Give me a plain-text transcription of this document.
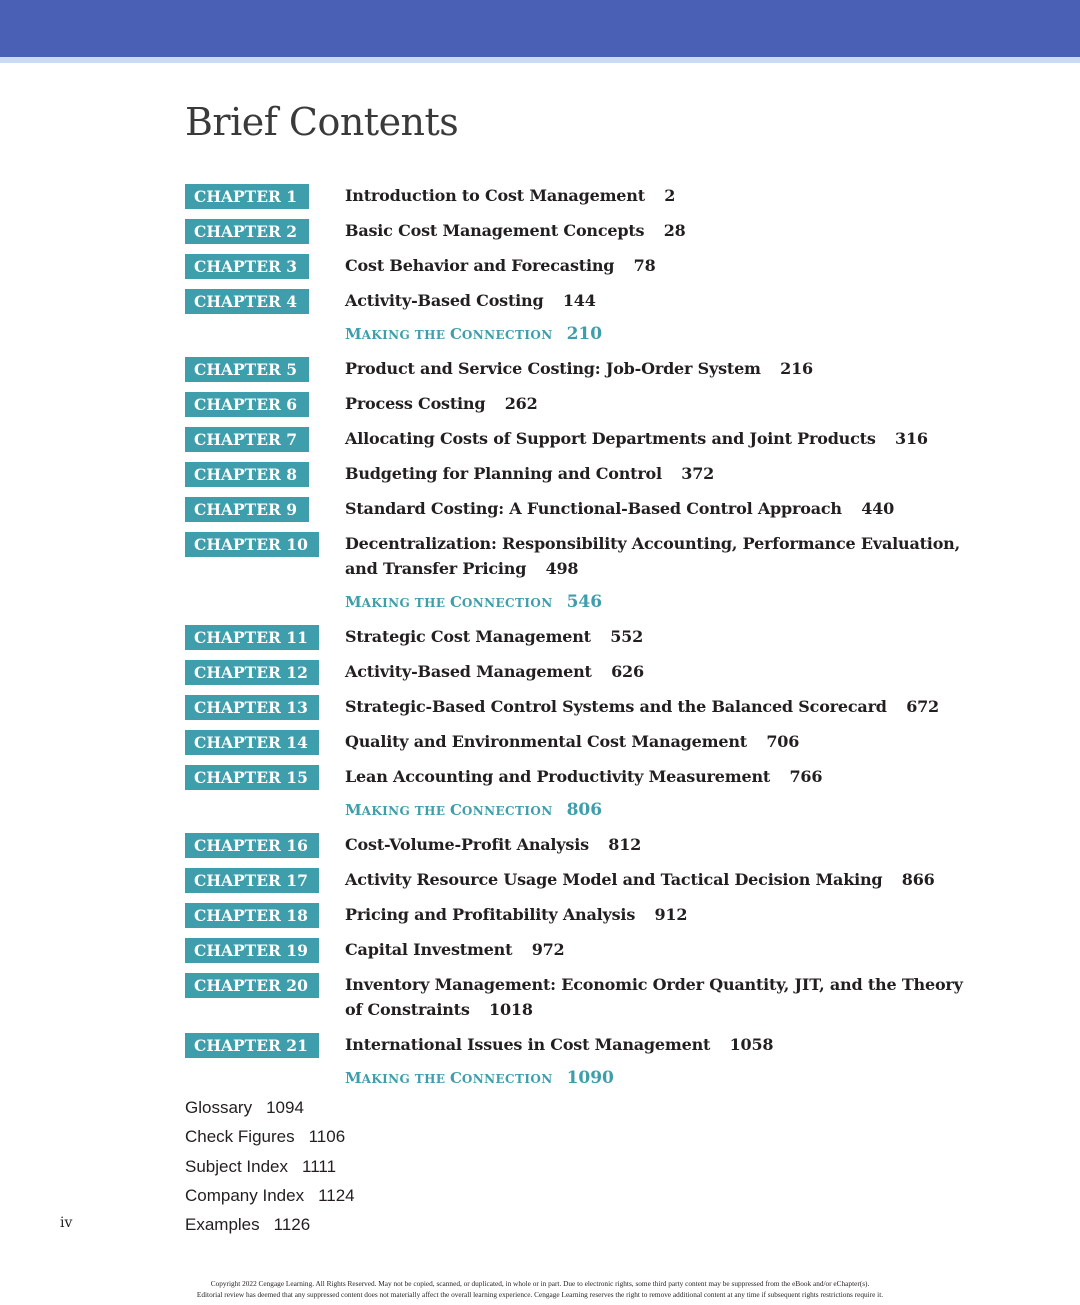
Brief Contents
CHAPTER 1	Introduction to Cost Management 2
CHAPTER 2	Basic Cost Management Concepts 28
CHAPTER 3	Cost Behavior and Forecasting 78
CHAPTER 4	Activity-Based Costing 144
MAKING THE CONNECTION 210
CHAPTER 5	Product and Service Costing: Job-Order System 216
CHAPTER 6	Process Costing 262
CHAPTER 7	Allocating Costs of Support Departments and Joint Products 316
CHAPTER 8	Budgeting for Planning and Control 372
CHAPTER 9	Standard Costing: A Functional-Based Control Approach 440
CHAPTER 10	Decentralization: Responsibility Accounting, Performance Evaluation, and Transfer Pricing 498
MAKING THE CONNECTION 546
CHAPTER 11	Strategic Cost Management 552
CHAPTER 12	Activity-Based Management 626
CHAPTER 13	Strategic-Based Control Systems and the Balanced Scorecard 672
CHAPTER 14	Quality and Environmental Cost Management 706
CHAPTER 15	Lean Accounting and Productivity Measurement 766
MAKING THE CONNECTION 806
CHAPTER 16	Cost-Volume-Profit Analysis 812
CHAPTER 17	Activity Resource Usage Model and Tactical Decision Making 866
CHAPTER 18	Pricing and Profitability Analysis 912
CHAPTER 19	Capital Investment 972
CHAPTER 20	Inventory Management: Economic Order Quantity, JIT, and the Theory of Constraints 1018
CHAPTER 21	International Issues in Cost Management 1058
MAKING THE CONNECTION 1090
Glossary 1094
Check Figures 1106
Subject Index 1111
Company Index 1124
Examples 1126
iv
Copyright 2022 Cengage Learning. All Rights Reserved. May not be copied, scanned, or duplicated, in whole or in part. Due to electronic rights, some third party content may be suppressed from the eBook and/or eChapter(s).
Editorial review has deemed that any suppressed content does not materially affect the overall learning experience. Cengage Learning reserves the right to remove additional content at any time if subsequent rights restrictions require it.
